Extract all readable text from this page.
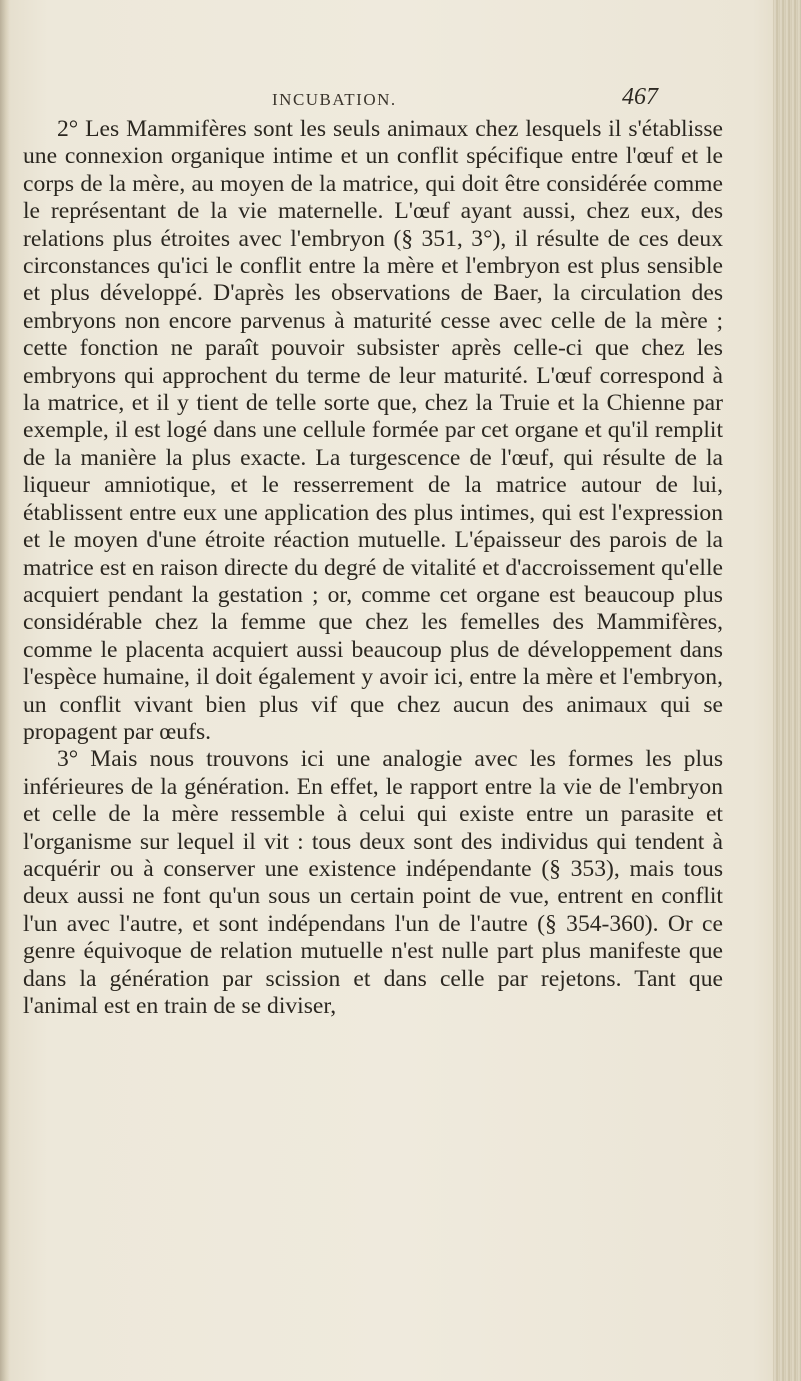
INCUBATION.	467

2° Les Mammifères sont les seuls animaux chez lesquels il s'établisse une connexion organique intime et un conflit spécifique entre l'œuf et le corps de la mère, au moyen de la matrice, qui doit être considérée comme le représentant de la vie maternelle. L'œuf ayant aussi, chez eux, des relations plus étroites avec l'embryon (§ 351, 3°), il résulte de ces deux circonstances qu'ici le conflit entre la mère et l'embryon est plus sensible et plus développé. D'après les observations de Baer, la circulation des embryons non encore parvenus à maturité cesse avec celle de la mère ; cette fonction ne paraît pouvoir subsister après celle-ci que chez les embryons qui approchent du terme de leur maturité. L'œuf correspond à la matrice, et il y tient de telle sorte que, chez la Truie et la Chienne par exemple, il est logé dans une cellule formée par cet organe et qu'il remplit de la manière la plus exacte. La turgescence de l'œuf, qui résulte de la liqueur amniotique, et le resserrement de la matrice autour de lui, établissent entre eux une application des plus intimes, qui est l'expression et le moyen d'une étroite réaction mutuelle. L'épaisseur des parois de la matrice est en raison directe du degré de vitalité et d'accroissement qu'elle acquiert pendant la gestation ; or, comme cet organe est beaucoup plus considérable chez la femme que chez les femelles des Mammifères, comme le placenta acquiert aussi beaucoup plus de développement dans l'espèce humaine, il doit également y avoir ici, entre la mère et l'embryon, un conflit vivant bien plus vif que chez aucun des animaux qui se propagent par œufs.

3° Mais nous trouvons ici une analogie avec les formes les plus inférieures de la génération. En effet, le rapport entre la vie de l'embryon et celle de la mère ressemble à celui qui existe entre un parasite et l'organisme sur lequel il vit : tous deux sont des individus qui tendent à acquérir ou à conserver une existence indépendante (§ 353), mais tous deux aussi ne font qu'un sous un certain point de vue, entrent en conflit l'un avec l'autre, et sont indépendans l'un de l'autre (§ 354-360). Or ce genre équivoque de relation mutuelle n'est nulle part plus manifeste que dans la génération par scission et dans celle par rejetons. Tant que l'animal est en train de se diviser,
